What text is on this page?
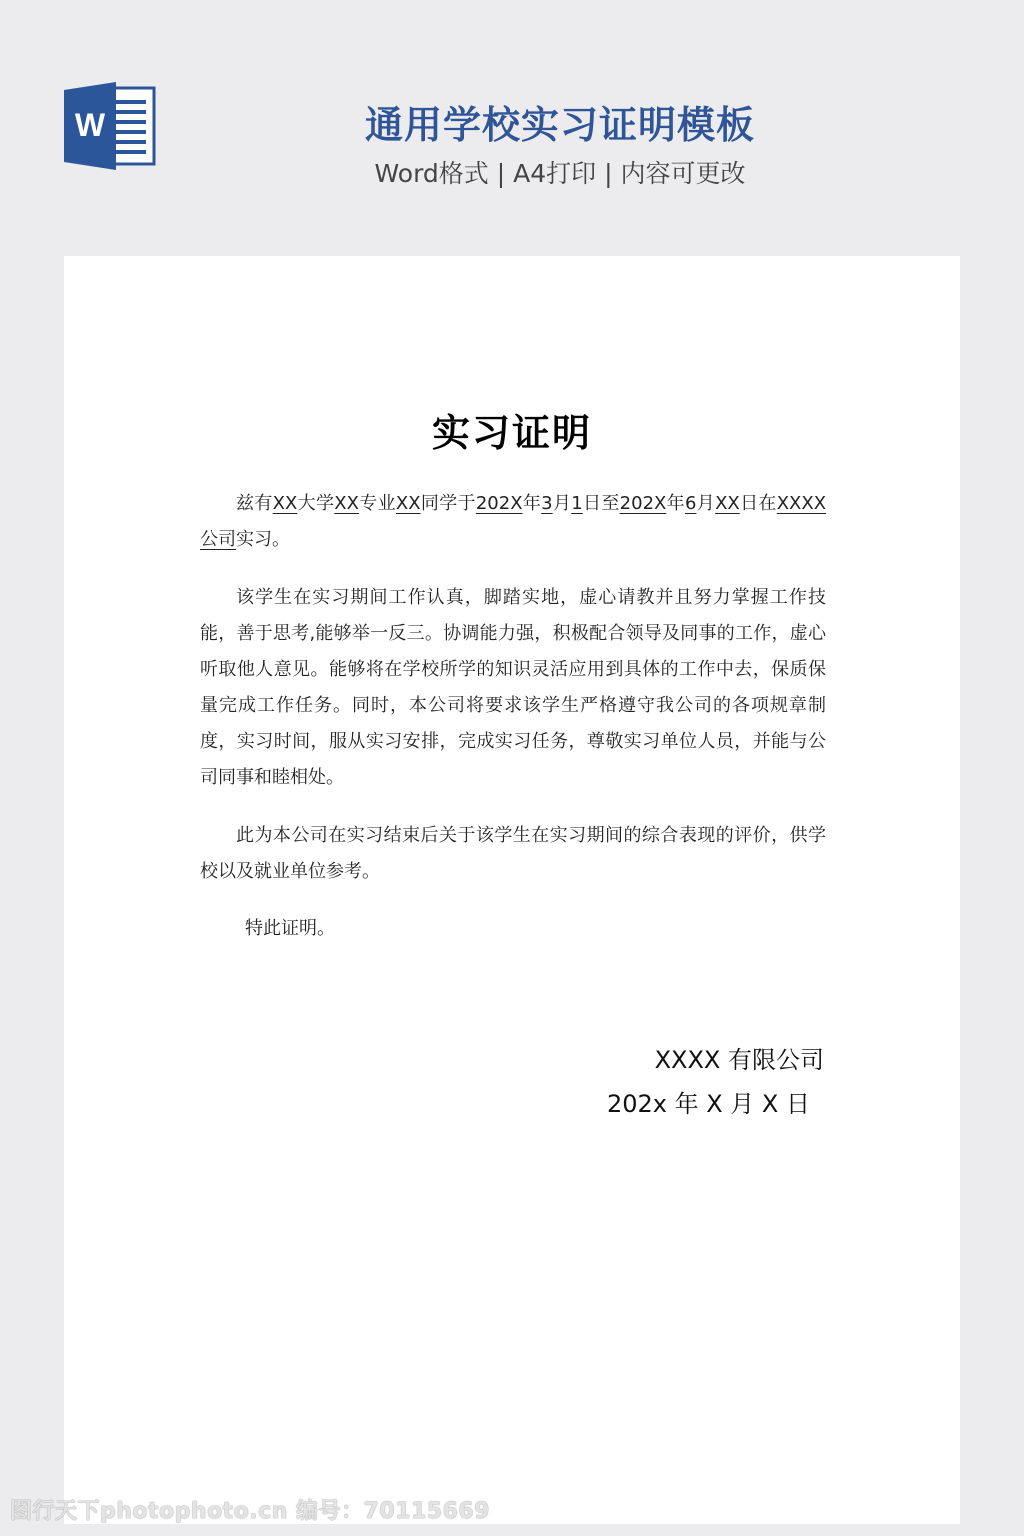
W	通用学校实习证明模板
Word格式 | A4打印 | 内容可更改
实习证明

兹有XX大学XX专业XX同学于202X年3月1日至202X年6月XX日在XXXX 公司实习。

该学生在实习期间工作认真，脚踏实地，虚心请教并且努力掌握工作技能，善于思考,能够举一反三。协调能力强，积极配合领导及同事的工作，虚心听取他人意见。能够将在学校所学的知识灵活应用到具体的工作中去，保质保量完成工作任务。同时，本公司将要求该学生严格遵守我公司的各项规章制度，实习时间，服从实习安排，完成实习任务，尊敬实习单位人员，并能与公司同事和睦相处。

此为本公司在实习结束后关于该学生在实习期间的综合表现的评价，供学校以及就业单位参考。

特此证明。
XXXX 有限公司
202x 年 X 月 X 日
图行天下photophoto.cn 编号：70115669
